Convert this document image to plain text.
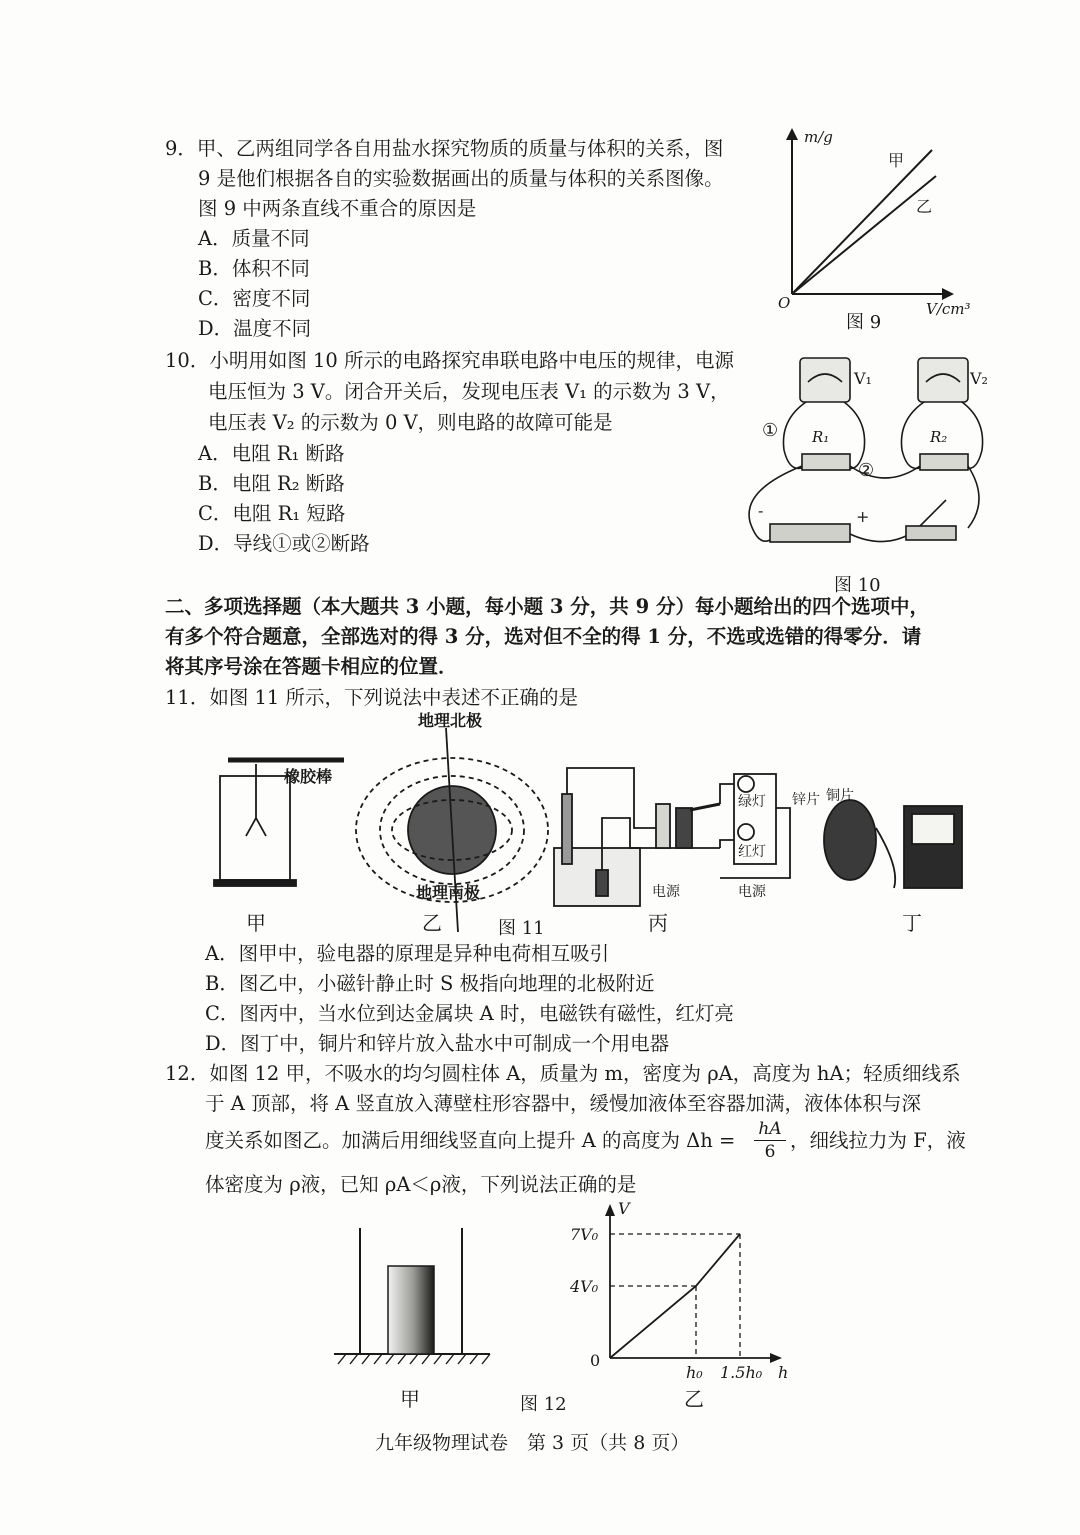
9．甲、乙两组同学各自用盐水探究物质的质量与体积的关系，图
9 是他们根据各自的实验数据画出的质量与体积的关系图像。
图 9 中两条直线不重合的原因是
A．质量不同
B．体积不同
C．密度不同
D．温度不同
m/g
O	V/cm³
甲
乙
图 9
10．小明用如图 10 所示的电路探究串联电路中电压的规律，电源
电压恒为 3 V。闭合开关后，发现电压表 V₁ 的示数为 3 V，
电压表 V₂ 的示数为 0 V，则电路的故障可能是
A．电阻 R₁ 断路
B．电阻 R₂ 断路
C．电阻 R₁ 短路
D．导线①或②断路
V₁	V₂
R₁	R₂
①
②
-	+
图 10
二、多项选择题（本大题共 3 小题，每小题 3 分，共 9 分）每小题给出的四个选项中，
有多个符合题意，全部选对的得 3 分，选对但不全的得 1 分，不选或选错的得零分．请
将其序号涂在答题卡相应的位置．
11．如图 11 所示，下列说法中表述不正确的是
橡胶棒
地理北极
地理南极
绿灯
红灯
电源	电源
锌片 铜片
甲	乙	图 11	丙	丁
A．图甲中，验电器的原理是异种电荷相互吸引
B．图乙中，小磁针静止时 S 极指向地理的北极附近
C．图丙中，当水位到达金属块 A 时，电磁铁有磁性，红灯亮
D．图丁中，铜片和锌片放入盐水中可制成一个用电器
12．如图 12 甲，不吸水的均匀圆柱体 A，质量为 m，密度为 ρA，高度为 hA；轻质细线系
于 A 顶部，将 A 竖直放入薄壁柱形容器中，缓慢加液体至容器加满，液体体积与深
度关系如图乙。加满后用细线竖直向上提升 A 的高度为 $\Delta h = \frac{hA}{6}$ ，细线拉力为 F，液
体密度为 ρ液，已知 ρA＜ρ液，下列说法正确的是
甲	图 12
V
7V₀
4V₀
0
h₀ 1.5h₀ h
乙
九年级物理试卷　第 3 页（共 8 页）
